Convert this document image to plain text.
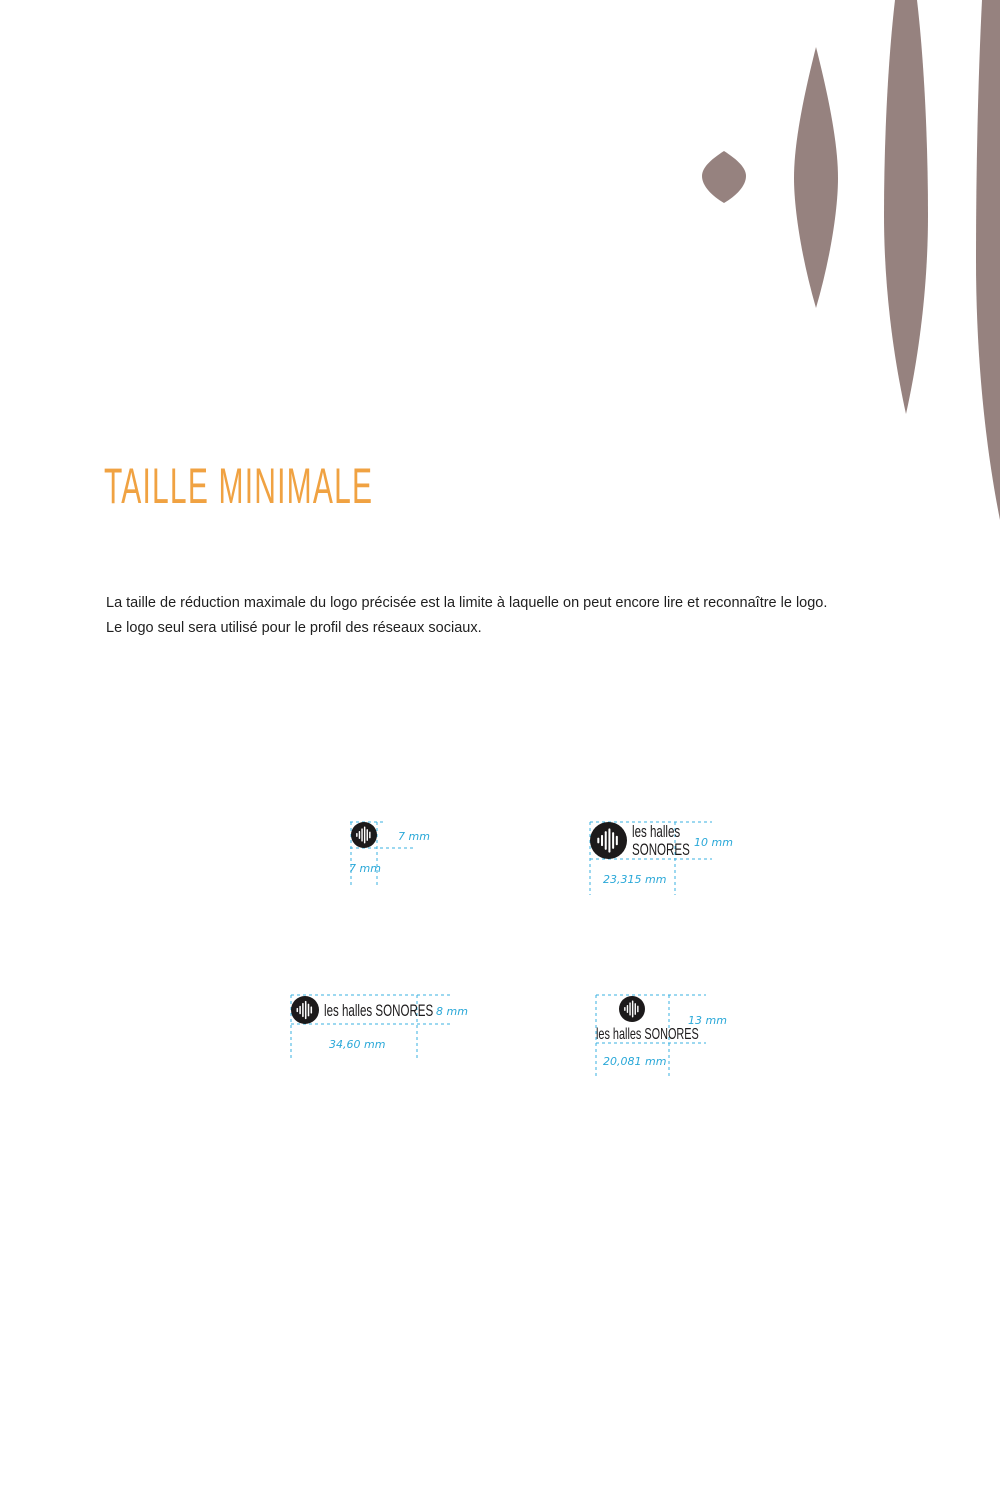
TAILLE MINIMALE

La taille de réduction maximale du logo précisée est la limite à laquelle on peut encore lire et reconnaître le logo.

Le logo seul sera utilisé pour le profil des réseaux sociaux.

7 mm
7 mm
les halles
SONORES 10 mm
23,315 mm
les halles SONORES 8 mm
34,60 mm
les halles SONORES
13 mm
20,081 mm
